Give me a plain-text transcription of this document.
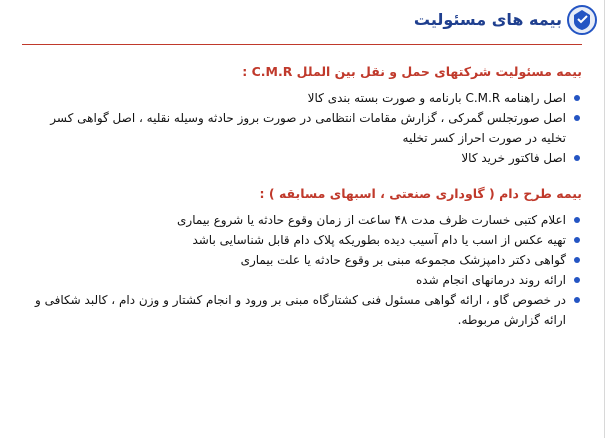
بیمه های مسئولیت
بیمه مسئولیت شرکتهای حمل و نقل بین الملل C.M.R :
اصل راهنامه C.M.R بارنامه و صورت بسته بندی کالا
اصل صورتجلس گمرکی ، گزارش مقامات انتظامی در صورت بروز حادثه وسیله نقلیه ، اصل گواهی کسر تخلیه در صورت احراز کسر تخلیه
اصل فاکتور خرید کالا
بیمه طرح دام ( گاوداری صنعتی ، اسبهای مسابقه ) :
اعلام کتبی خسارت ظرف مدت ۴۸ ساعت از زمان وقوع حادثه یا شروع بیماری
تهیه عکس از اسب یا دام آسیب دیده بطوریکه پلاک دام قابل شناسایی باشد
گواهی دکتر دامپزشک مجموعه مبنی بر وقوع حادثه یا علت بیماری
ارائه روند درمانهای انجام شده
در خصوص گاو ، ارائه گواهی مسئول فنی کشتارگاه مبنی بر ورود و انجام کشتار و وزن دام ، کالبد شکافی و ارائه گزارش مربوطه.
